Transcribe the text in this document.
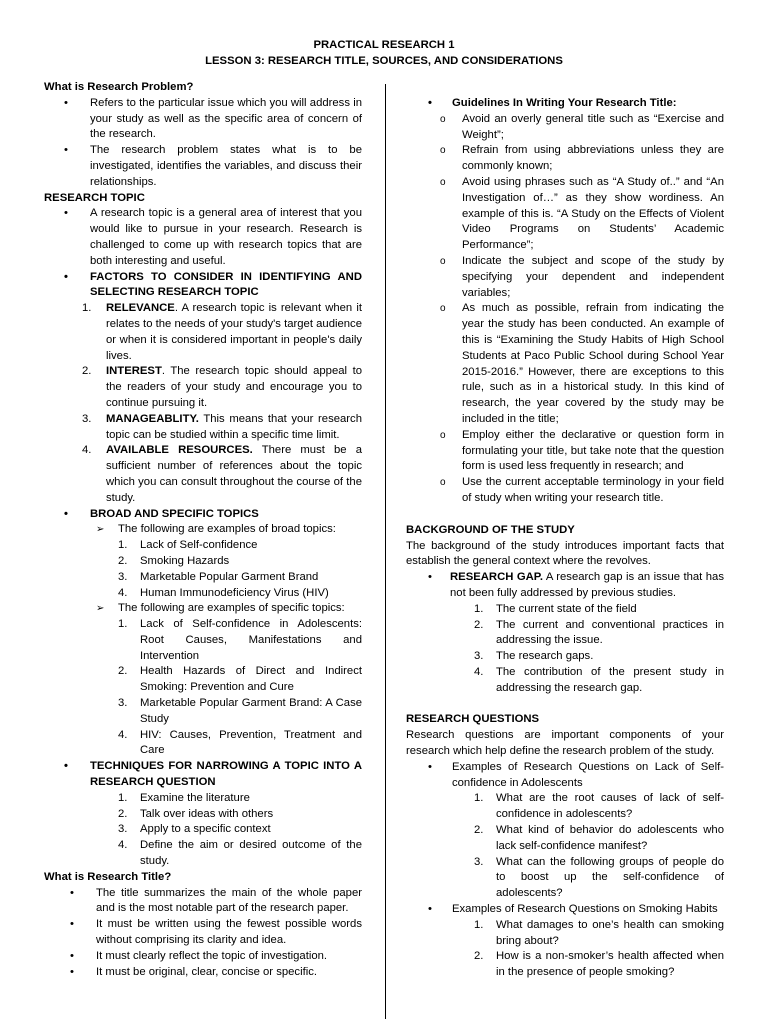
PRACTICAL RESEARCH 1
LESSON 3: RESEARCH TITLE, SOURCES, AND CONSIDERATIONS

What is Research Problem?

• Refers to the particular issue which you will address in your study as well as the specific area of concern of the research.
• The research problem states what is to be investigated, identifies the variables, and discuss their relationships.

RESEARCH TOPIC

• A research topic is a general area of interest that you would like to pursue in your research. Research is challenged to come up with research topics that are both interesting and useful.
• FACTORS TO CONSIDER IN IDENTIFYING AND SELECTING RESEARCH TOPIC
1. RELEVANCE. A research topic is relevant when it relates to the needs of your study's target audience or when it is considered important in people's daily lives.
2. INTEREST. The research topic should appeal to the readers of your study and encourage you to continue pursuing it.
3. MANAGEABLITY. This means that your research topic can be studied within a specific time limit.
4. AVAILABLE RESOURCES. There must be a sufficient number of references about the topic which you can consult throughout the course of the study.
• BROAD AND SPECIFIC TOPICS
➢ The following are examples of broad topics:
1. Lack of Self-confidence
2. Smoking Hazards
3. Marketable Popular Garment Brand
4. Human Immunodeficiency Virus (HIV)
➢ The following are examples of specific topics:
1. Lack of Self-confidence in Adolescents: Root Causes, Manifestations and Intervention
2. Health Hazards of Direct and Indirect Smoking: Prevention and Cure
3. Marketable Popular Garment Brand: A Case Study
4. HIV: Causes, Prevention, Treatment and Care
• TECHNIQUES FOR NARROWING A TOPIC INTO A RESEARCH QUESTION
1. Examine the literature
2. Talk over ideas with others
3. Apply to a specific context
4. Define the aim or desired outcome of the study.

What is Research Title?

• The title summarizes the main of the whole paper and is the most notable part of the research paper.
• It must be written using the fewest possible words without comprising its clarity and idea.
• It must clearly reflect the topic of investigation.
• It must be original, clear, concise or specific.
• Guidelines In Writing Your Research Title:
o Avoid an overly general title such as “Exercise and Weight”;
o Refrain from using abbreviations unless they are commonly known;
o Avoid using phrases such as “A Study of..” and “An Investigation of…” as they show wordiness. An example of this is. “A Study on the Effects of Violent Video Programs on Students’ Academic Performance”;
o Indicate the subject and scope of the study by specifying your dependent and independent variables;
o As much as possible, refrain from indicating the year the study has been conducted. An example of this is “Examining the Study Habits of High School Students at Paco Public School during School Year 2015-2016.” However, there are exceptions to this rule, such as in a historical study. In this kind of research, the year covered by the study may be included in the title;
o Employ either the declarative or question form in formulating your title, but take note that the question form is used less frequently in research; and
o Use the current acceptable terminology in your field of study when writing your research title.

BACKGROUND OF THE STUDY

The background of the study introduces important facts that establish the general context where the revolves.

• RESEARCH GAP. A research gap is an issue that has not been fully addressed by previous studies.
1. The current state of the field
2. The current and conventional practices in addressing the issue.
3. The research gaps.
4. The contribution of the present study in addressing the research gap.

RESEARCH QUESTIONS

Research questions are important components of your research which help define the research problem of the study.

• Examples of Research Questions on Lack of Self-confidence in Adolescents
1. What are the root causes of lack of self-confidence in adolescents?
2. What kind of behavior do adolescents who lack self-confidence manifest?
3. What can the following groups of people do to boost up the self-confidence of adolescents?
• Examples of Research Questions on Smoking Habits
1. What damages to one’s health can smoking bring about?
2. How is a non-smoker’s health affected when in the presence of people smoking?
